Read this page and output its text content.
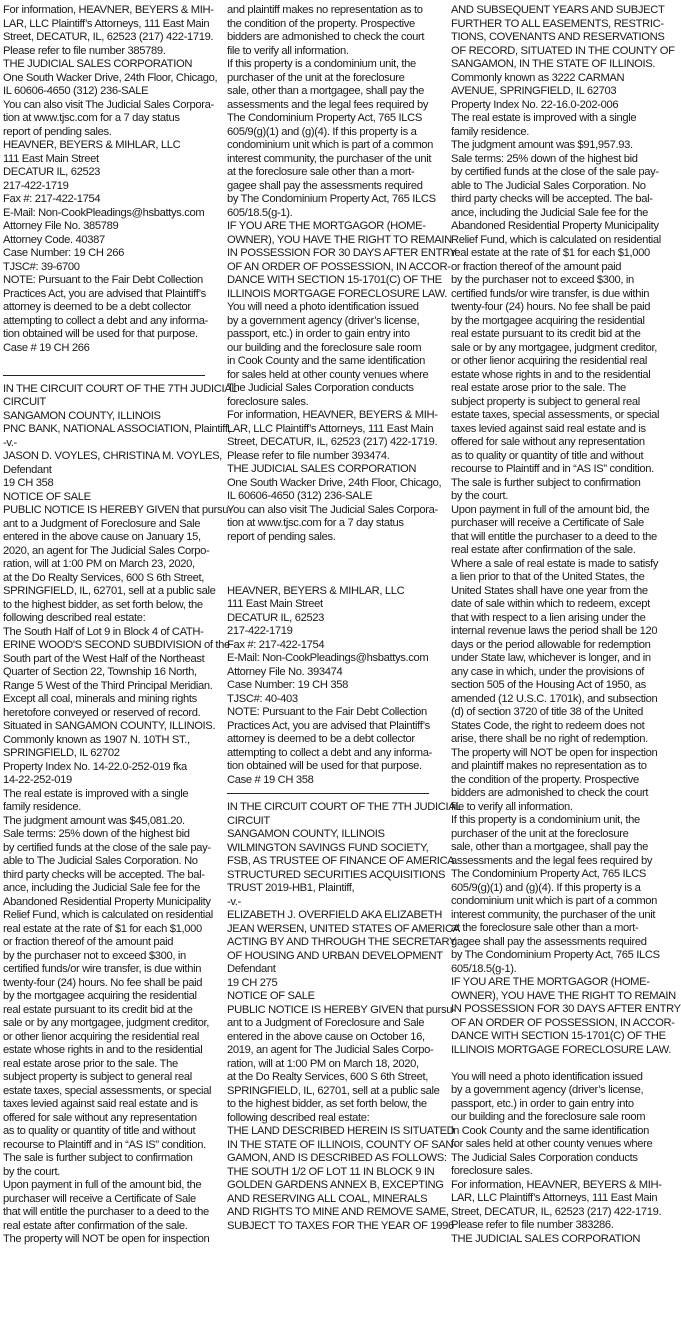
For information, HEAVNER, BEYERS & MIH-
LAR, LLC Plaintiff’s Attorneys, 111 East Main
Street, DECATUR, IL, 62523 (217) 422-1719.
Please refer to file number 385789.
THE JUDICIAL SALES CORPORATION
One South Wacker Drive, 24th Floor, Chicago,
IL 60606-4650 (312) 236-SALE
You can also visit The Judicial Sales Corpora-
tion at www.tjsc.com for a 7 day status
report of pending sales.
HEAVNER, BEYERS & MIHLAR, LLC
111 East Main Street
DECATUR IL, 62523
217-422-1719
Fax #: 217-422-1754
E-Mail: Non-CookPleadings@hsbattys.com
Attorney File No. 385789
Attorney Code. 40387
Case Number: 19 CH 266
TJSC#: 39-6700
NOTE: Pursuant to the Fair Debt Collection
Practices Act, you are advised that Plaintiff’s
attorney is deemed to be a debt collector
attempting to collect a debt and any informa-
tion obtained will be used for that purpose.
Case # 19 CH 266
IN THE CIRCUIT COURT OF THE 7TH JUDICIAL
CIRCUIT
SANGAMON COUNTY, ILLINOIS
PNC BANK, NATIONAL ASSOCIATION, Plaintiff,
-v.-
JASON D. VOYLES, CHRISTINA M. VOYLES,
Defendant
19 CH 358
NOTICE OF SALE
PUBLIC NOTICE IS HEREBY GIVEN that pursu-
ant to a Judgment of Foreclosure and Sale
entered in the above cause on January 15,
2020, an agent for The Judicial Sales Corpo-
ration, will at 1:00 PM on March 23, 2020,
at the Do Realty Services, 600 S 6th Street,
SPRINGFIELD, IL, 62701, sell at a public sale
to the highest bidder, as set forth below, the
following described real estate:
The South Half of Lot 9 in Block 4 of CATH-
ERINE WOOD'S SECOND SUBDIVISION of the
South part of the West Half of the Northeast
Quarter of Section 22, Township 16 North,
Range 5 West of the Third Principal Meridian.
Except all coal, minerals and mining rights
heretofore conveyed or reserved of record.
Situated in SANGAMON COUNTY, ILLINOIS.
Commonly known as 1907 N. 10TH ST.,
SPRINGFIELD, IL 62702
Property Index No. 14-22.0-252-019 fka
14-22-252-019
The real estate is improved with a single
family residence.
The judgment amount was $45,081.20.
Sale terms: 25% down of the highest bid
by certified funds at the close of the sale pay-
able to The Judicial Sales Corporation. No
third party checks will be accepted. The bal-
ance, including the Judicial Sale fee for the
Abandoned Residential Property Municipality
Relief Fund, which is calculated on residential
real estate at the rate of $1 for each $1,000
or fraction thereof of the amount paid
by the purchaser not to exceed $300, in
certified funds/or wire transfer, is due within
twenty-four (24) hours. No fee shall be paid
by the mortgagee acquiring the residential
real estate pursuant to its credit bid at the
sale or by any mortgagee, judgment creditor,
or other lienor acquiring the residential real
estate whose rights in and to the residential
real estate arose prior to the sale. The
subject property is subject to general real
estate taxes, special assessments, or special
taxes levied against said real estate and is
offered for sale without any representation
as to quality or quantity of title and without
recourse to Plaintiff and in “AS IS” condition.
The sale is further subject to confirmation
by the court.
Upon payment in full of the amount bid, the
purchaser will receive a Certificate of Sale
that will entitle the purchaser to a deed to the
real estate after confirmation of the sale.
The property will NOT be open for inspection
and plaintiff makes no representation as to
the condition of the property. Prospective
bidders are admonished to check the court
file to verify all information.
If this property is a condominium unit, the
purchaser of the unit at the foreclosure
sale, other than a mortgagee, shall pay the
assessments and the legal fees required by
The Condominium Property Act, 765 ILCS
605/9(g)(1) and (g)(4). If this property is a
condominium unit which is part of a common
interest community, the purchaser of the unit
at the foreclosure sale other than a mort-
gagee shall pay the assessments required
by The Condominium Property Act, 765 ILCS
605/18.5(g-1).
IF YOU ARE THE MORTGAGOR (HOME-
OWNER), YOU HAVE THE RIGHT TO REMAIN
IN POSSESSION FOR 30 DAYS AFTER ENTRY
OF AN ORDER OF POSSESSION, IN ACCOR-
DANCE WITH SECTION 15-1701(C) OF THE
ILLINOIS MORTGAGE FORECLOSURE LAW.
You will need a photo identification issued
by a government agency (driver’s license,
passport, etc.) in order to gain entry into
our building and the foreclosure sale room
in Cook County and the same identification
for sales held at other county venues where
The Judicial Sales Corporation conducts
foreclosure sales.
For information, HEAVNER, BEYERS & MIH-
LAR, LLC Plaintiff’s Attorneys, 111 East Main
Street, DECATUR, IL, 62523 (217) 422-1719.
Please refer to file number 393474.
THE JUDICIAL SALES CORPORATION
One South Wacker Drive, 24th Floor, Chicago,
IL 60606-4650 (312) 236-SALE
You can also visit The Judicial Sales Corpora-
tion at www.tjsc.com for a 7 day status
report of pending sales.
HEAVNER, BEYERS & MIHLAR, LLC
111 East Main Street
DECATUR IL, 62523
217-422-1719
Fax #: 217-422-1754
E-Mail: Non-CookPleadings@hsbattys.com
Attorney File No. 393474
Case Number: 19 CH 358
TJSC#: 40-403
NOTE: Pursuant to the Fair Debt Collection
Practices Act, you are advised that Plaintiff’s
attorney is deemed to be a debt collector
attempting to collect a debt and any informa-
tion obtained will be used for that purpose.
Case # 19 CH 358
IN THE CIRCUIT COURT OF THE 7TH JUDICIAL
CIRCUIT
SANGAMON COUNTY, ILLINOIS
WILMINGTON SAVINGS FUND SOCIETY,
FSB, AS TRUSTEE OF FINANCE OF AMERICA
STRUCTURED SECURITIES ACQUISITIONS
TRUST 2019-HB1, Plaintiff,
-v.-
ELIZABETH J. OVERFIELD AKA ELIZABETH
JEAN WERSEN, UNITED STATES OF AMERICA
ACTING BY AND THROUGH THE SECRETARY
OF HOUSING AND URBAN DEVELOPMENT
Defendant
19 CH 275
NOTICE OF SALE
PUBLIC NOTICE IS HEREBY GIVEN that pursu-
ant to a Judgment of Foreclosure and Sale
entered in the above cause on October 16,
2019, an agent for The Judicial Sales Corpo-
ration, will at 1:00 PM on March 18, 2020,
at the Do Realty Services, 600 S 6th Street,
SPRINGFIELD, IL, 62701, sell at a public sale
to the highest bidder, as set forth below, the
following described real estate:
THE LAND DESCRIBED HEREIN IS SITUATED
IN THE STATE OF ILLINOIS, COUNTY OF SAN-
GAMON, AND IS DESCRIBED AS FOLLOWS:
THE SOUTH 1/2 OF LOT 11 IN BLOCK 9 IN
GOLDEN GARDENS ANNEX B, EXCEPTING
AND RESERVING ALL COAL, MINERALS
AND RIGHTS TO MINE AND REMOVE SAME,
SUBJECT TO TAXES FOR THE YEAR OF 1996
AND SUBSEQUENT YEARS AND SUBJECT
FURTHER TO ALL EASEMENTS, RESTRIC-
TIONS, COVENANTS AND RESERVATIONS
OF RECORD, SITUATED IN THE COUNTY OF
SANGAMON, IN THE STATE OF ILLINOIS.
Commonly known as 3222 CARMAN
AVENUE, SPRINGFIELD, IL 62703
Property Index No. 22-16.0-202-006
The real estate is improved with a single
family residence.
The judgment amount was $91,957.93.
Sale terms: 25% down of the highest bid
by certified funds at the close of the sale pay-
able to The Judicial Sales Corporation. No
third party checks will be accepted. The bal-
ance, including the Judicial Sale fee for the
Abandoned Residential Property Municipality
Relief Fund, which is calculated on residential
real estate at the rate of $1 for each $1,000
or fraction thereof of the amount paid
by the purchaser not to exceed $300, in
certified funds/or wire transfer, is due within
twenty-four (24) hours. No fee shall be paid
by the mortgagee acquiring the residential
real estate pursuant to its credit bid at the
sale or by any mortgagee, judgment creditor,
or other lienor acquiring the residential real
estate whose rights in and to the residential
real estate arose prior to the sale. The
subject property is subject to general real
estate taxes, special assessments, or special
taxes levied against said real estate and is
offered for sale without any representation
as to quality or quantity of title and without
recourse to Plaintiff and in “AS IS” condition.
The sale is further subject to confirmation
by the court.
Upon payment in full of the amount bid, the
purchaser will receive a Certificate of Sale
that will entitle the purchaser to a deed to the
real estate after confirmation of the sale.
Where a sale of real estate is made to satisfy
a lien prior to that of the United States, the
United States shall have one year from the
date of sale within which to redeem, except
that with respect to a lien arising under the
internal revenue laws the period shall be 120
days or the period allowable for redemption
under State law, whichever is longer, and in
any case in which, under the provisions of
section 505 of the Housing Act of 1950, as
amended (12 U.S.C. 1701k), and subsection
(d) of section 3720 of title 38 of the United
States Code, the right to redeem does not
arise, there shall be no right of redemption.
The property will NOT be open for inspection
and plaintiff makes no representation as to
the condition of the property. Prospective
bidders are admonished to check the court
file to verify all information.
If this property is a condominium unit, the
purchaser of the unit at the foreclosure
sale, other than a mortgagee, shall pay the
assessments and the legal fees required by
The Condominium Property Act, 765 ILCS
605/9(g)(1) and (g)(4). If this property is a
condominium unit which is part of a common
interest community, the purchaser of the unit
at the foreclosure sale other than a mort-
gagee shall pay the assessments required
by The Condominium Property Act, 765 ILCS
605/18.5(g-1).
IF YOU ARE THE MORTGAGOR (HOME-
OWNER), YOU HAVE THE RIGHT TO REMAIN
IN POSSESSION FOR 30 DAYS AFTER ENTRY
OF AN ORDER OF POSSESSION, IN ACCOR-
DANCE WITH SECTION 15-1701(C) OF THE
ILLINOIS MORTGAGE FORECLOSURE LAW.
You will need a photo identification issued
by a government agency (driver’s license,
passport, etc.) in order to gain entry into
our building and the foreclosure sale room
in Cook County and the same identification
for sales held at other county venues where
The Judicial Sales Corporation conducts
foreclosure sales.
For information, HEAVNER, BEYERS & MIH-
LAR, LLC Plaintiff’s Attorneys, 111 East Main
Street, DECATUR, IL, 62523 (217) 422-1719.
Please refer to file number 383286.
THE JUDICIAL SALES CORPORATION
